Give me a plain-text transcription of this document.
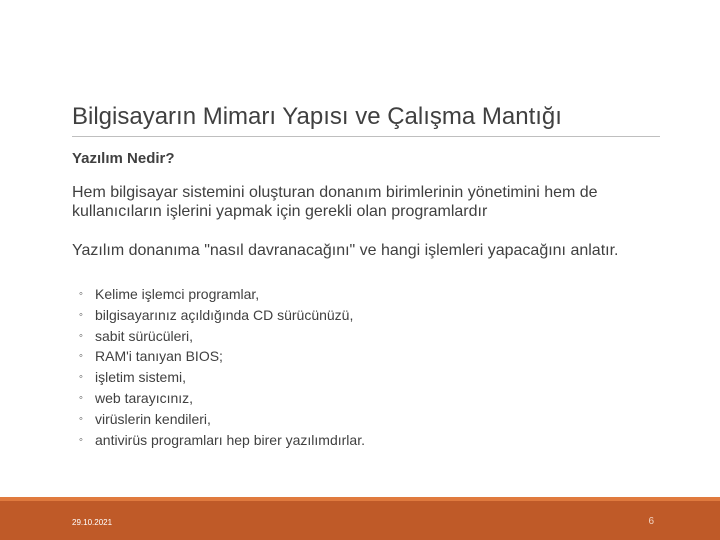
Bilgisayarın Mimarı Yapısı ve Çalışma Mantığı
Yazılım Nedir?
Hem bilgisayar sistemini oluşturan donanım birimlerinin yönetimini hem de kullanıcıların işlerini yapmak için gerekli olan programlardır
Yazılım donanıma "nasıl davranacağını" ve hangi işlemleri yapacağını anlatır.
◦ Kelime işlemci programlar,
◦ bilgisayarınız açıldığında CD sürücünüzü,
◦ sabit sürücüleri,
◦ RAM'i tanıyan BIOS;
◦ işletim sistemi,
◦ web tarayıcınız,
◦ virüslerin kendileri,
◦ antivirüs programları hep birer yazılımdırlar.
29.10.2021	6
